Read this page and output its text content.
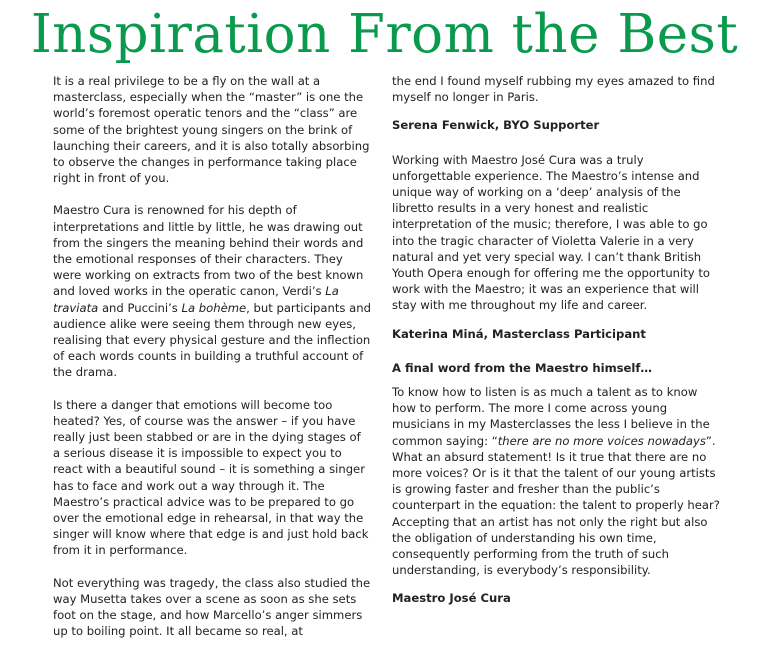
Inspiration From the Best

It is a real privilege to be a fly on the wall at a masterclass, especially when the “master” is one the world’s foremost operatic tenors and the “class” are some of the brightest young singers on the brink of launching their careers, and it is also totally absorbing to observe the changes in performance taking place right in front of you.

Maestro Cura is renowned for his depth of interpretations and little by little, he was drawing out from the singers the meaning behind their words and the emotional responses of their characters. They were working on extracts from two of the best known and loved works in the operatic canon, Verdi’s La traviata and Puccini’s La bohème, but participants and audience alike were seeing them through new eyes, realising that every physical gesture and the inflection of each words counts in building a truthful account of the drama.

Is there a danger that emotions will become too heated? Yes, of course was the answer – if you have really just been stabbed or are in the dying stages of a serious disease it is impossible to expect you to react with a beautiful sound – it is something a singer has to face and work out a way through it. The Maestro’s practical advice was to be prepared to go over the emotional edge in rehearsal, in that way the singer will know where that edge is and just hold back from it in performance.

Not everything was tragedy, the class also studied the way Musetta takes over a scene as soon as she sets foot on the stage, and how Marcello’s anger simmers up to boiling point. It all became so real, at

the end I found myself rubbing my eyes amazed to find myself no longer in Paris.

Serena Fenwick, BYO Supporter

Working with Maestro José Cura was a truly unforgettable experience. The Maestro’s intense and unique way of working on a ‘deep’ analysis of the libretto results in a very honest and realistic interpretation of the music; therefore, I was able to go into the tragic character of Violetta Valerie in a very natural and yet very special way. I can’t thank British Youth Opera enough for offering me the opportunity to work with the Maestro; it was an experience that will stay with me throughout my life and career.

Katerina Miná, Masterclass Participant

A final word from the Maestro himself…

To know how to listen is as much a talent as to know how to perform. The more I come across young musicians in my Masterclasses the less I believe in the common saying: “there are no more voices nowadays”. What an absurd statement! Is it true that there are no more voices? Or is it that the talent of our young artists is growing faster and fresher than the public’s counterpart in the equation: the talent to properly hear? Accepting that an artist has not only the right but also the obligation of understanding his own time, consequently performing from the truth of such understanding, is everybody’s responsibility.

Maestro José Cura
